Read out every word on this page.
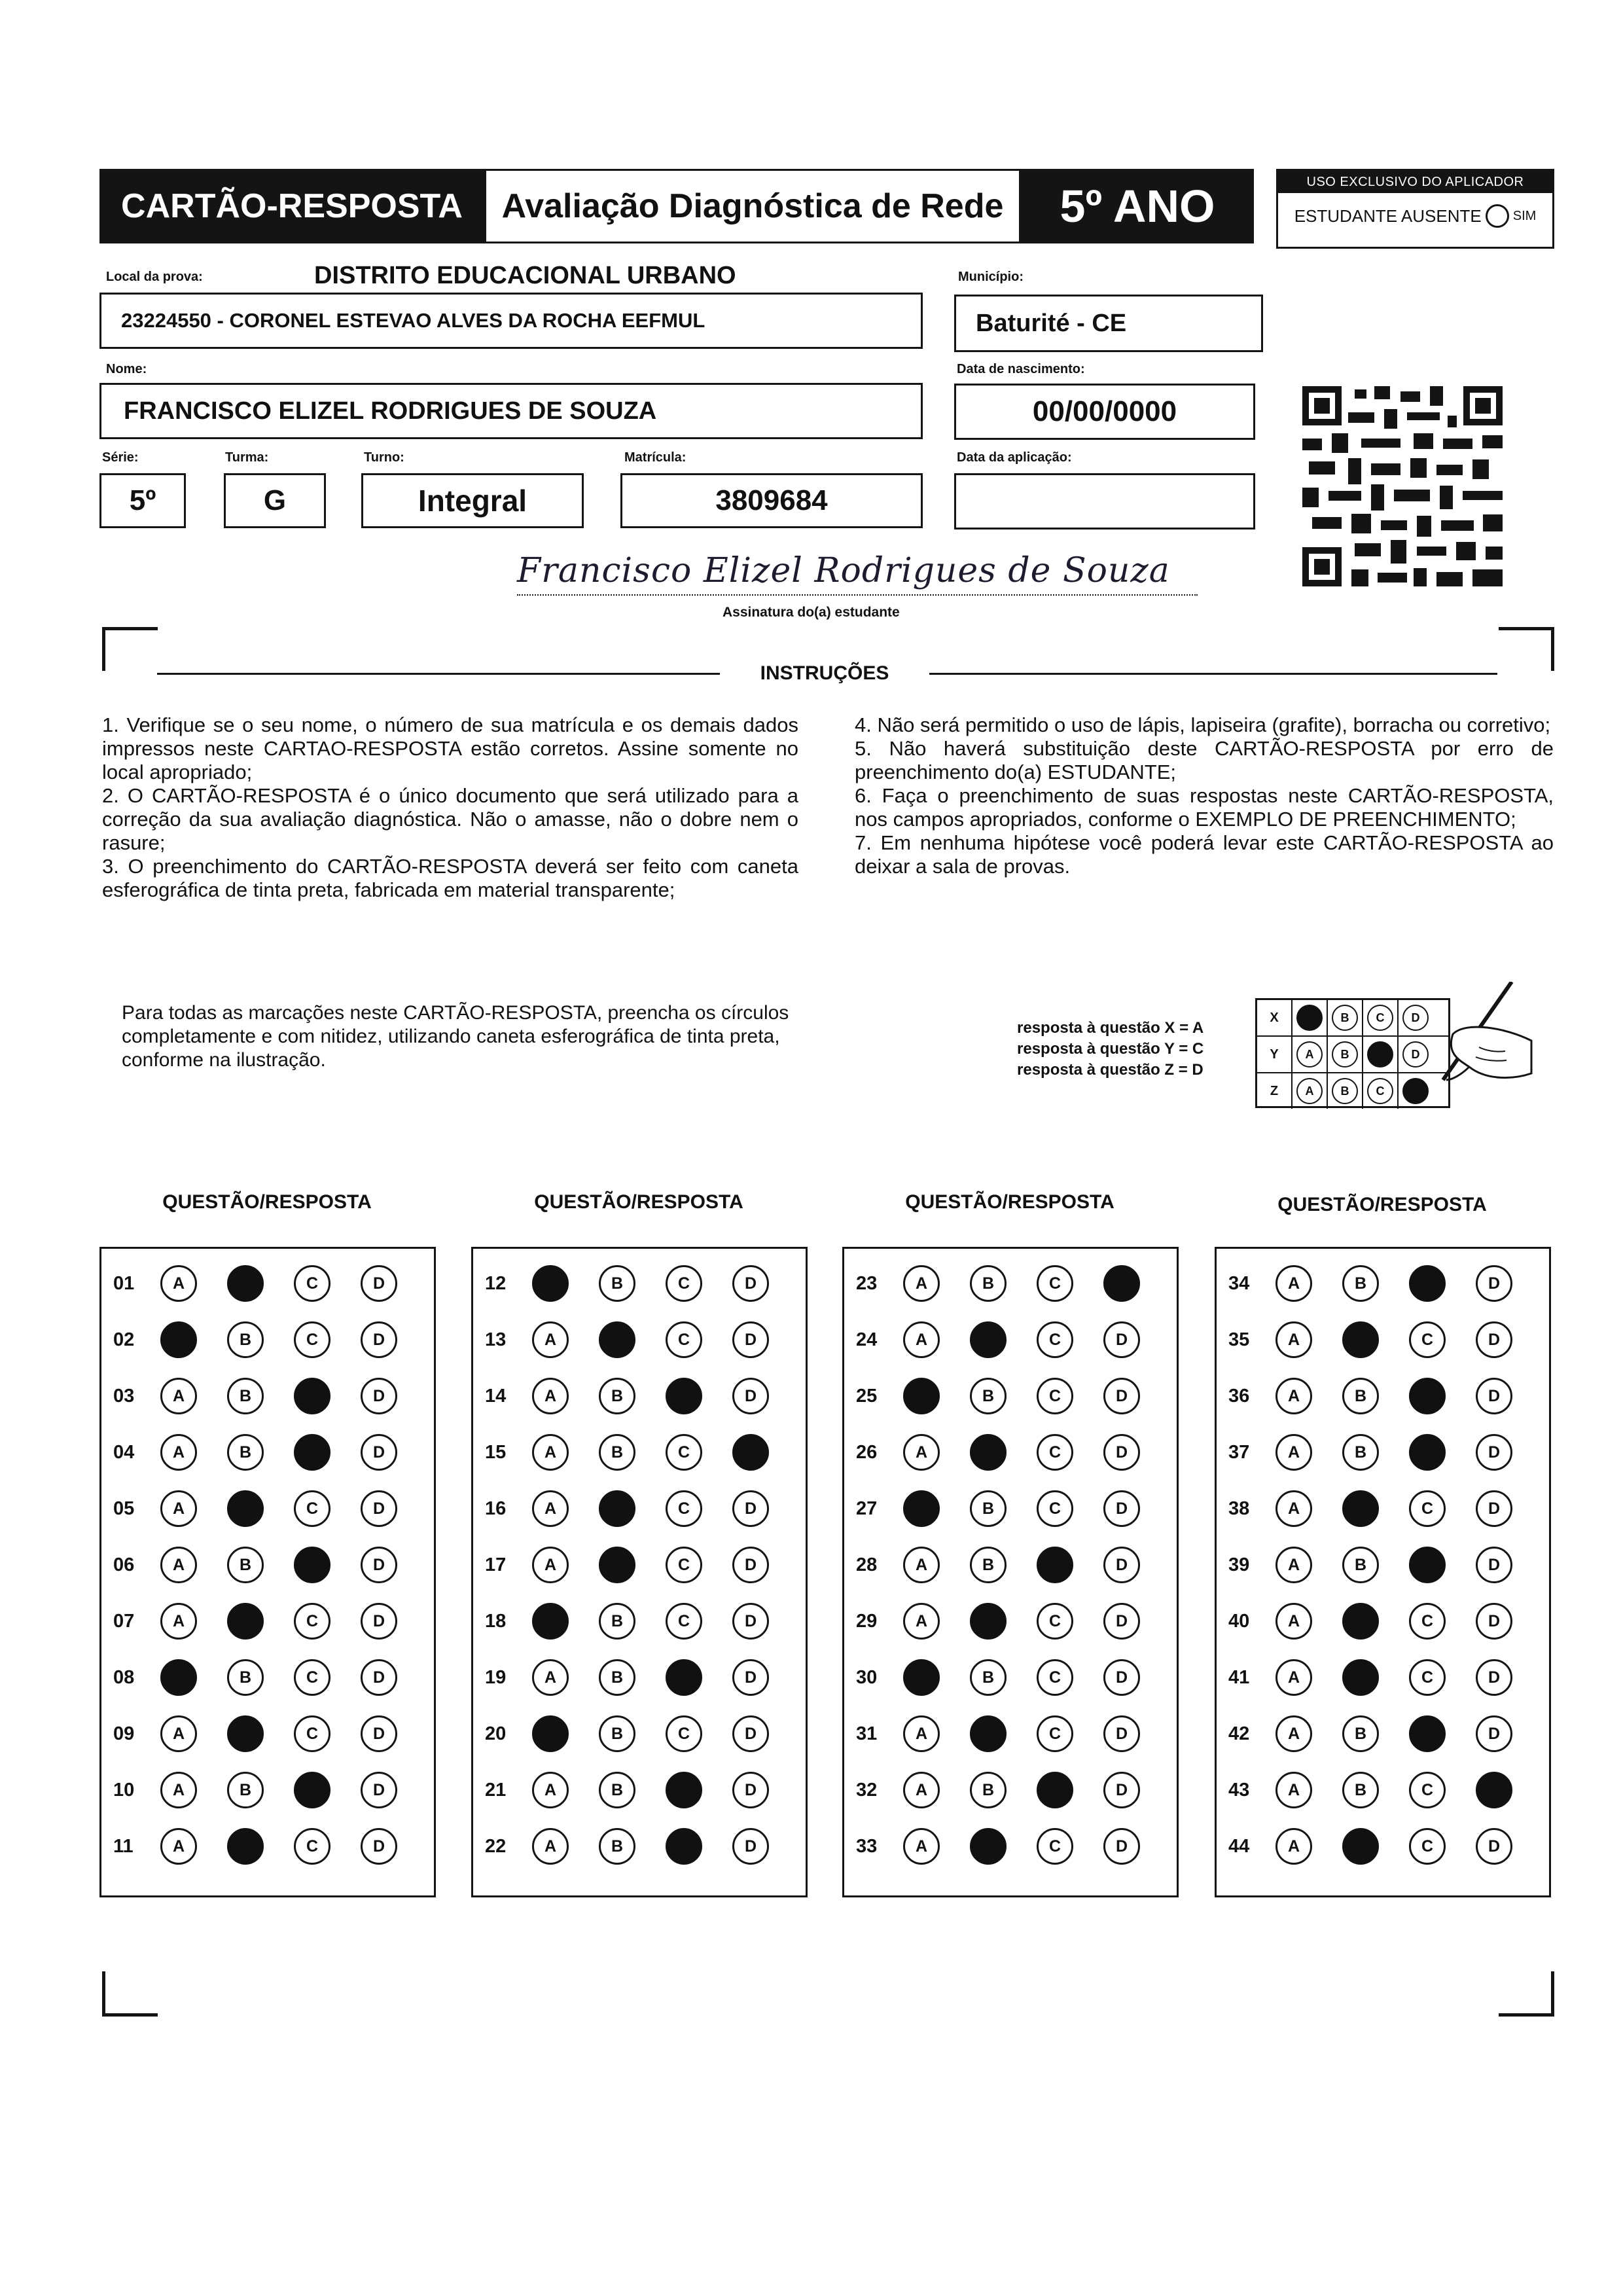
CARTÃO-RESPOSTA	Avaliação Diagnóstica de Rede	5º ANO	USO EXCLUSIVO DO APLICADOR
ESTUDANTE AUSENTE SIM
Local da prova:	DISTRITO EDUCACIONAL URBANO
23224550 - CORONEL ESTEVAO ALVES DA ROCHA EEFMUL
Município:
Baturité - CE
Nome:
FRANCISCO ELIZEL RODRIGUES DE SOUZA
Data de nascimento:
00/00/0000
Série:
5º
Turma:
G
Turno:
Integral
Matrícula:
3809684
Data da aplicação:
Francisco Elizel Rodrigues de Souza
Assinatura do(a) estudante
INSTRUÇÕES

1. Verifique se o seu nome, o número de sua matrícula e os demais dados impressos neste CARTAO-RESPOSTA estão corretos. Assine somente no local apropriado;

2. O CARTÃO-RESPOSTA é o único documento que será utilizado para a correção da sua avaliação diagnóstica. Não o amasse, não o dobre nem o rasure;

3. O preenchimento do CARTÃO-RESPOSTA deverá ser feito com caneta esferográfica de tinta preta, fabricada em material transparente;

4. Não será permitido o uso de lápis, lapiseira (grafite), borracha ou corretivo;

5. Não haverá substituição deste CARTÃO-RESPOSTA por erro de preenchimento do(a) ESTUDANTE;

6. Faça o preenchimento de suas respostas neste CARTÃO-RESPOSTA, nos campos apropriados, conforme o EXEMPLO DE PREENCHIMENTO;

7. Em nenhuma hipótese você poderá levar este CARTÃO-RESPOSTA ao deixar a sala de provas.

Para todas as marcações neste CARTÃO-RESPOSTA, preencha os círculos completamente e com nitidez, utilizando caneta esferográfica de tinta preta, conforme na ilustração.
resposta à questão X = A
resposta à questão Y = C
resposta à questão Z = D
X	A	B	C	D
Y	A	B	C	D
Z	A	B	C	D
QUESTÃO/RESPOSTA	QUESTÃO/RESPOSTA	QUESTÃO/RESPOSTA	QUESTÃO/RESPOSTA
01	A	B	C	D
02	A	B	C	D
03	A	B	C	D
04	A	B	C	D
05	A	B	C	D
06	A	B	C	D
07	A	B	C	D
08	A	B	C	D
09	A	B	C	D
10	A	B	C	D
11	A	B	C	D
12	A	B	C	D
13	A	B	C	D
14	A	B	C	D
15	A	B	C	D
16	A	B	C	D
17	A	B	C	D
18	A	B	C	D
19	A	B	C	D
20	A	B	C	D
21	A	B	C	D
22	A	B	C	D
23	A	B	C	D
24	A	B	C	D
25	A	B	C	D
26	A	B	C	D
27	A	B	C	D
28	A	B	C	D
29	A	B	C	D
30	A	B	C	D
31	A	B	C	D
32	A	B	C	D
33	A	B	C	D
34	A	B	C	D
35	A	B	C	D
36	A	B	C	D
37	A	B	C	D
38	A	B	C	D
39	A	B	C	D
40	A	B	C	D
41	A	B	C	D
42	A	B	C	D
43	A	B	C	D
44	A	B	C	D
